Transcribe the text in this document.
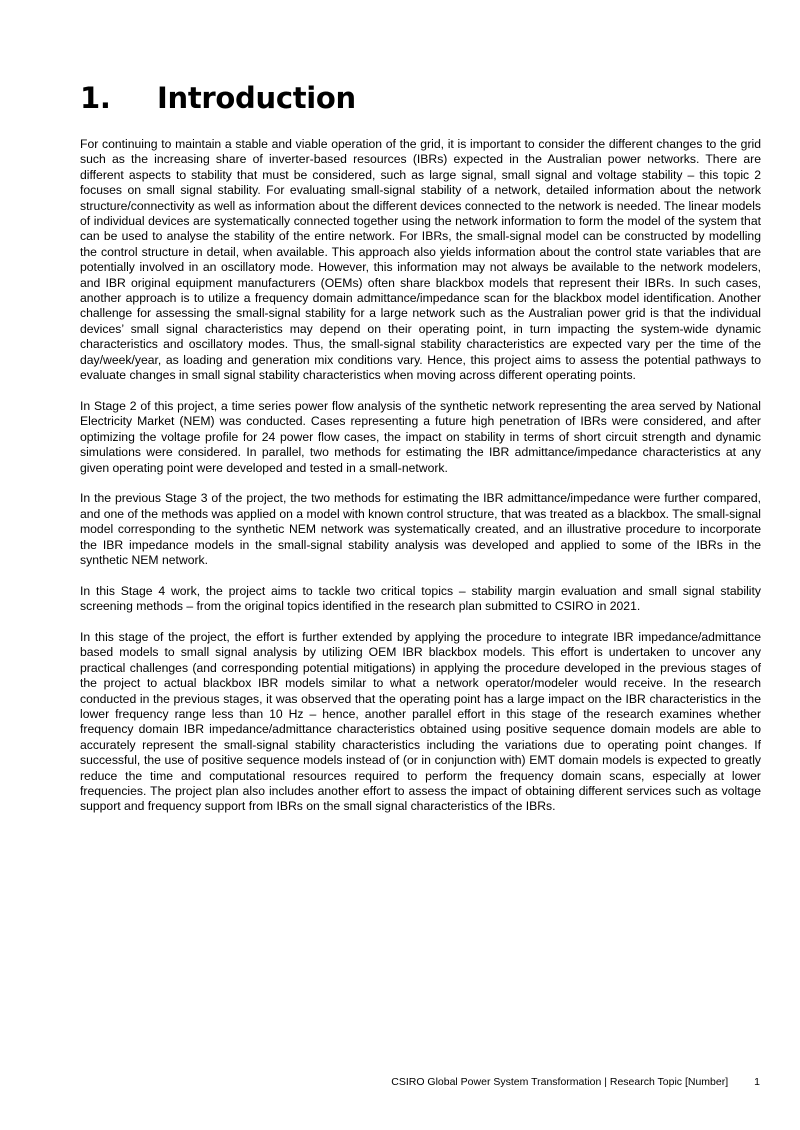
1. Introduction

For continuing to maintain a stable and viable operation of the grid, it is important to consider the different changes to the grid such as the increasing share of inverter-based resources (IBRs) expected in the Australian power networks. There are different aspects to stability that must be considered, such as large signal, small signal and voltage stability – this topic 2 focuses on small signal stability. For evaluating small-signal stability of a network, detailed information about the network structure/connectivity as well as information about the different devices connected to the network is needed. The linear models of individual devices are systematically connected together using the network information to form the model of the system that can be used to analyse the stability of the entire network. For IBRs, the small-signal model can be constructed by modelling the control structure in detail, when available. This approach also yields information about the control state variables that are potentially involved in an oscillatory mode. However, this information may not always be available to the network modelers, and IBR original equipment manufacturers (OEMs) often share blackbox models that represent their IBRs. In such cases, another approach is to utilize a frequency domain admittance/impedance scan for the blackbox model identification. Another challenge for assessing the small-signal stability for a large network such as the Australian power grid is that the individual devices’ small signal characteristics may depend on their operating point, in turn impacting the system-wide dynamic characteristics and oscillatory modes. Thus, the small-signal stability characteristics are expected vary per the time of the day/week/year, as loading and generation mix conditions vary. Hence, this project aims to assess the potential pathways to evaluate changes in small signal stability characteristics when moving across different operating points.

In Stage 2 of this project, a time series power flow analysis of the synthetic network representing the area served by National Electricity Market (NEM) was conducted. Cases representing a future high penetration of IBRs were considered, and after optimizing the voltage profile for 24 power flow cases, the impact on stability in terms of short circuit strength and dynamic simulations were considered. In parallel, two methods for estimating the IBR admittance/impedance characteristics at any given operating point were developed and tested in a small-network.

In the previous Stage 3 of the project, the two methods for estimating the IBR admittance/impedance were further compared, and one of the methods was applied on a model with known control structure, that was treated as a blackbox. The small-signal model corresponding to the synthetic NEM network was systematically created, and an illustrative procedure to incorporate the IBR impedance models in the small-signal stability analysis was developed and applied to some of the IBRs in the synthetic NEM network.

In this Stage 4 work, the project aims to tackle two critical topics – stability margin evaluation and small signal stability screening methods – from the original topics identified in the research plan submitted to CSIRO in 2021.

In this stage of the project, the effort is further extended by applying the procedure to integrate IBR impedance/admittance based models to small signal analysis by utilizing OEM IBR blackbox models. This effort is undertaken to uncover any practical challenges (and corresponding potential mitigations) in applying the procedure developed in the previous stages of the project to actual blackbox IBR models similar to what a network operator/modeler would receive. In the research conducted in the previous stages, it was observed that the operating point has a large impact on the IBR characteristics in the lower frequency range less than 10 Hz – hence, another parallel effort in this stage of the research examines whether frequency domain IBR impedance/admittance characteristics obtained using positive sequence domain models are able to accurately represent the small-signal stability characteristics including the variations due to operating point changes. If successful, the use of positive sequence models instead of (or in conjunction with) EMT domain models is expected to greatly reduce the time and computational resources required to perform the frequency domain scans, especially at lower frequencies. The project plan also includes another effort to assess the impact of obtaining different services such as voltage support and frequency support from IBRs on the small signal characteristics of the IBRs.

CSIRO Global Power System Transformation | Research Topic [Number] 1
